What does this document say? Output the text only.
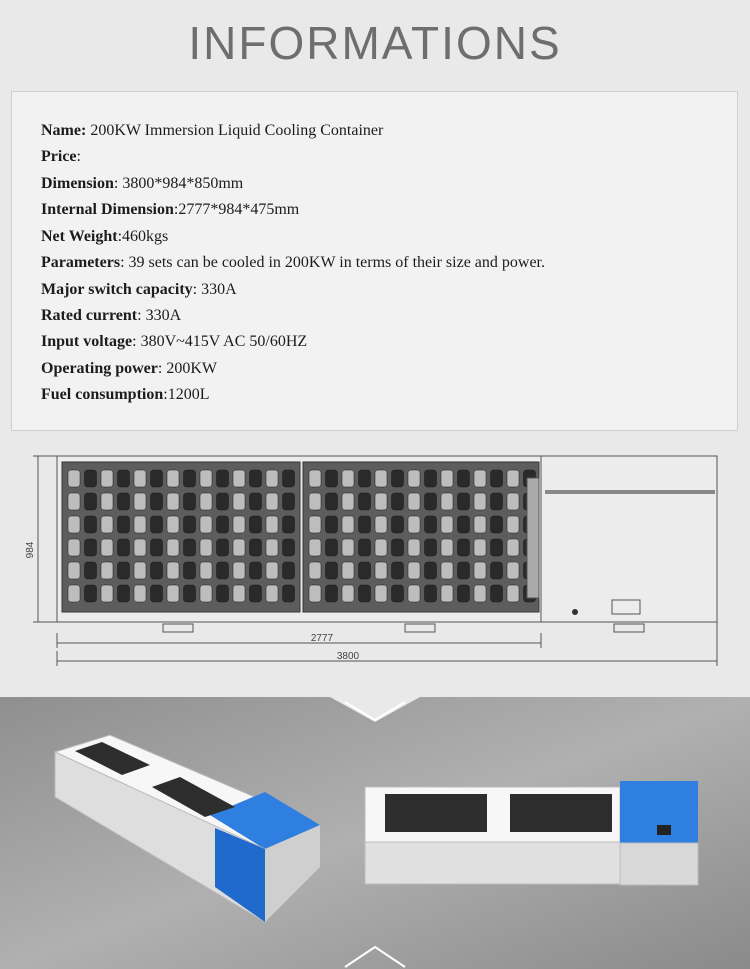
INFORMATIONS
Name: 200KW Immersion Liquid Cooling Container
Price:
Dimension: 3800*984*850mm
Internal Dimension:2777*984*475mm
Net Weight:460kgs
Parameters: 39 sets can be cooled in 200KW in terms of their size and power.
Major switch capacity: 330A
Rated current: 330A
Input voltage: 380V~415V AC 50/60HZ
Operating power: 200KW
Fuel consumption:1200L
984
2777
3800
